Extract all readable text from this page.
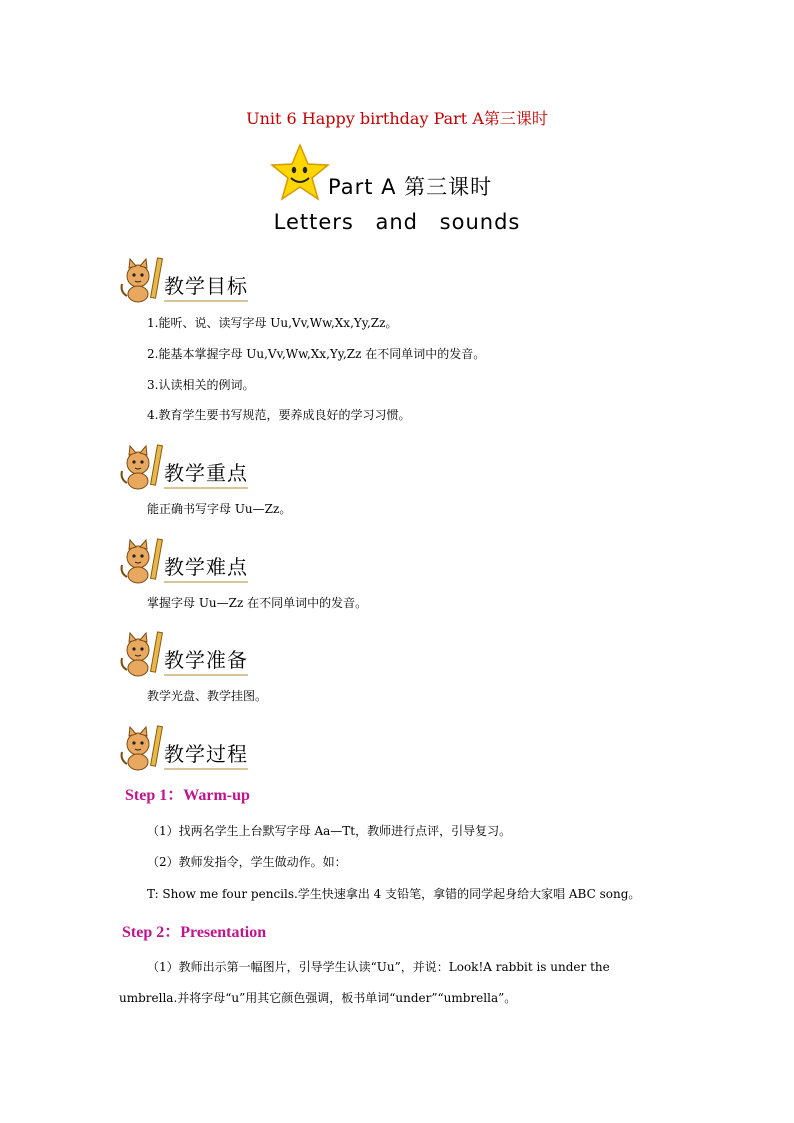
Unit 6 Happy birthday Part A第三课时
Part A 第三课时
Letters and sounds
教学目标
1.能听、说、读写字母 Uu,Vv,Ww,Xx,Yy,Zz。
2.能基本掌握字母 Uu,Vv,Ww,Xx,Yy,Zz 在不同单词中的发音。
3.认读相关的例词。
4.教育学生要书写规范，要养成良好的学习习惯。
教学重点
能正确书写字母 Uu—Zz。
教学难点
掌握字母 Uu—Zz 在不同单词中的发音。
教学准备
教学光盘、教学挂图。
教学过程
Step 1：Warm-up
（1）找两名学生上台默写字母 Aa—Tt，教师进行点评，引导复习。
（2）教师发指令，学生做动作。如：
T: Show me four pencils.学生快速拿出 4 支铅笔，拿错的同学起身给大家唱 ABC song。
Step 2：Presentation
（1）教师出示第一幅图片，引导学生认读“Uu”，并说：Look!A rabbit is under the
umbrella.并将字母“u”用其它颜色强调，板书单词“under”“umbrella”。
